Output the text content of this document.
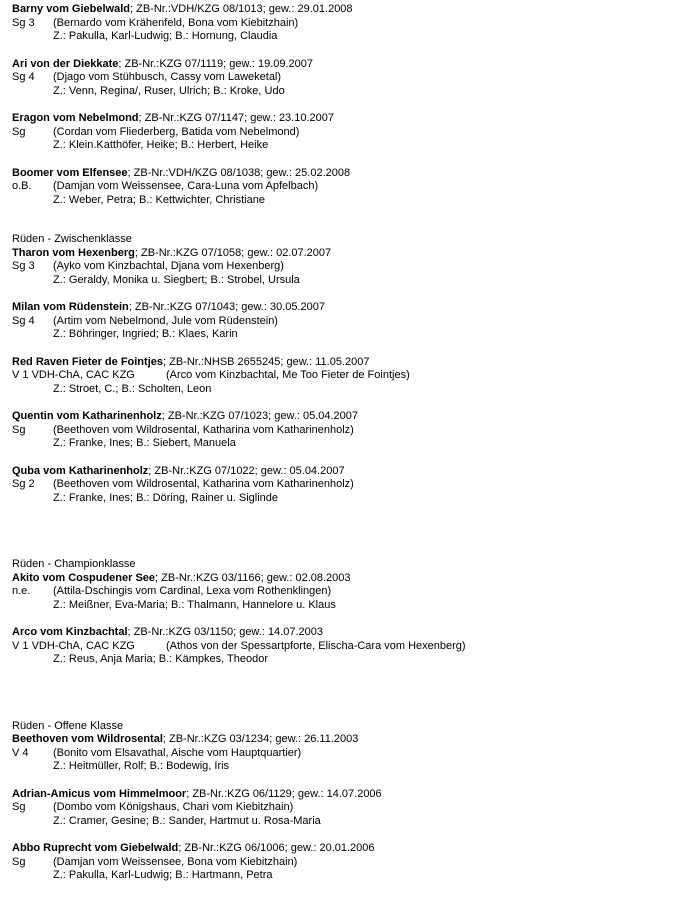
Barny vom Giebelwald; ZB-Nr.:VDH/KZG 08/1013; gew.: 29.01.2008
Sg 3 (Bernardo vom Krähenfeld, Bona vom Kiebitzhain)
Z.: Pakulla, Karl-Ludwig; B.: Hornung, Claudia
Ari von der Diekkate; ZB-Nr.:KZG 07/1119; gew.: 19.09.2007
Sg 4 (Djago vom Stühbusch, Cassy vom Laweketal)
Z.: Venn, Regina/, Ruser, Ulrich; B.: Kroke, Udo
Eragon vom Nebelmond; ZB-Nr.:KZG 07/1147; gew.: 23.10.2007
Sg	(Cordan vom Fliederberg, Batida vom Nebelmond)
Z.: Klein.Katthöfer, Heike; B.: Herbert, Heike
Boomer vom Elfensee; ZB-Nr.:VDH/KZG 08/1038; gew.: 25.02.2008
o.B. (Damjan vom Weissensee, Cara-Luna vom Apfelbach)
Z.: Weber, Petra; B.: Kettwichter, Christiane
Rüden - Zwischenklasse
Tharon vom Hexenberg; ZB-Nr.:KZG 07/1058; gew.: 02.07.2007
Sg 3 (Ayko vom Kinzbachtal, Djana vom Hexenberg)
Z.: Geraldy, Monika u. Siegbert; B.: Strobel, Ursula
Milan vom Rüdenstein; ZB-Nr.:KZG 07/1043; gew.: 30.05.2007
Sg 4 (Artim vom Nebelmond, Jule vom Rüdenstein)
Z.: Böhringer, Ingried; B.: Klaes, Karin
Red Raven Fieter de Fointjes; ZB-Nr.:NHSB 2655245; gew.: 11.05.2007
V 1 VDH-ChA, CAC KZG	(Arco vom Kinzbachtal, Me Too Fieter de Fointjes)
Z.: Stroet, C.; B.: Scholten, Leon
Quentin vom Katharinenholz; ZB-Nr.:KZG 07/1023; gew.: 05.04.2007
Sg	(Beethoven vom Wildrosental, Katharina vom Katharinenholz)
Z.: Franke, Ines; B.: Siebert, Manuela
Quba vom Katharinenholz; ZB-Nr.:KZG 07/1022; gew.: 05.04.2007
Sg 2 (Beethoven vom Wildrosental, Katharina vom Katharinenholz)
Z.: Franke, Ines; B.: Döring, Rainer u. Siglinde
Rüden - Championklasse
Akito vom Cospudener See; ZB-Nr.:KZG 03/1166; gew.: 02.08.2003
n.e. (Attila-Dschingis vom Cardinal, Lexa vom Rothenklingen)
Z.: Meißner, Eva-Maria; B.: Thalmann, Hannelore u. Klaus
Arco vom Kinzbachtal; ZB-Nr.:KZG 03/1150; gew.: 14.07.2003
V 1 VDH-ChA, CAC KZG	(Athos von der Spessartpforte, Elischa-Cara vom Hexenberg)
Z.: Reus, Anja Maria; B.: Kämpkes, Theodor
Rüden - Offene Klasse
Beethoven vom Wildrosental; ZB-Nr.:KZG 03/1234; gew.: 26.11.2003
V 4 (Bonito vom Elsavathal, Aische vom Hauptquartier)
Z.: Heitmüller, Rolf; B.: Bodewig, Iris
Adrian-Amicus vom Himmelmoor; ZB-Nr.:KZG 06/1129; gew.: 14.07.2006
Sg	(Dombo vom Königshaus, Chari vom Kiebitzhain)
Z.: Cramer, Gesine; B.: Sander, Hartmut u. Rosa-Maria
Abbo Ruprecht vom Giebelwald; ZB-Nr.:KZG 06/1006; gew.: 20.01.2006
Sg	(Damjan vom Weissensee, Bona vom Kiebitzhain)
Z.: Pakulla, Karl-Ludwig; B.: Hartmann, Petra
